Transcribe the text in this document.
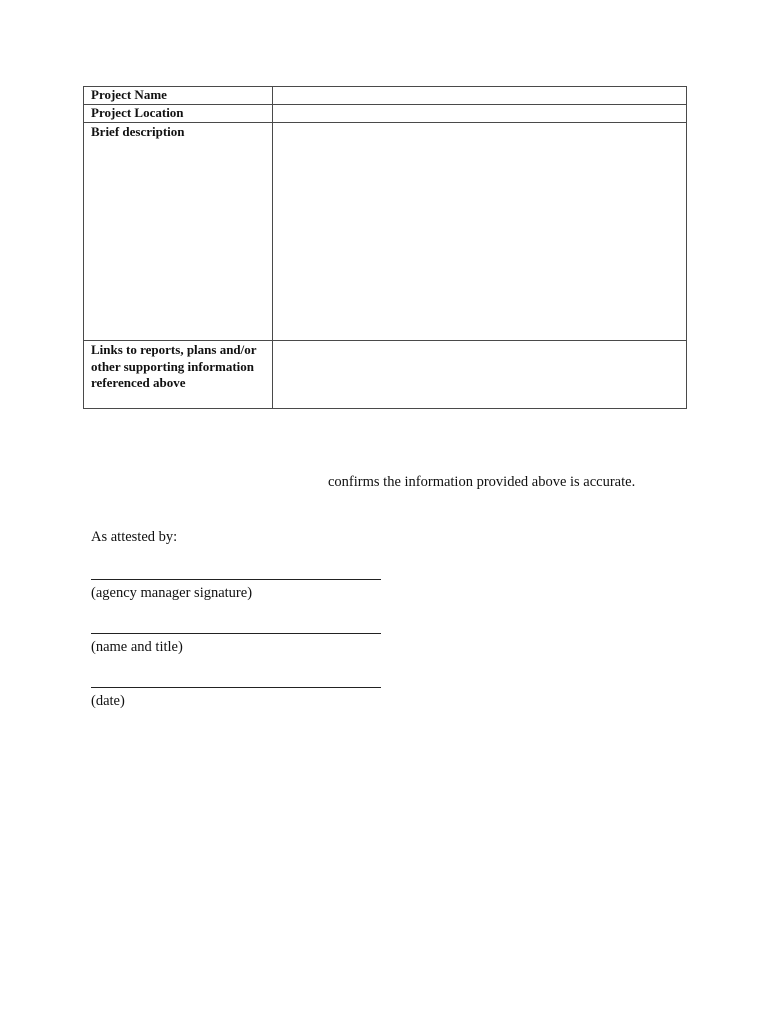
Project Name	
Project Location	
Brief description	
Links to reports, plans and/or other supporting information referenced above	
confirms the information provided above is accurate.
As attested by:
(agency manager signature)
(name and title)
(date)
